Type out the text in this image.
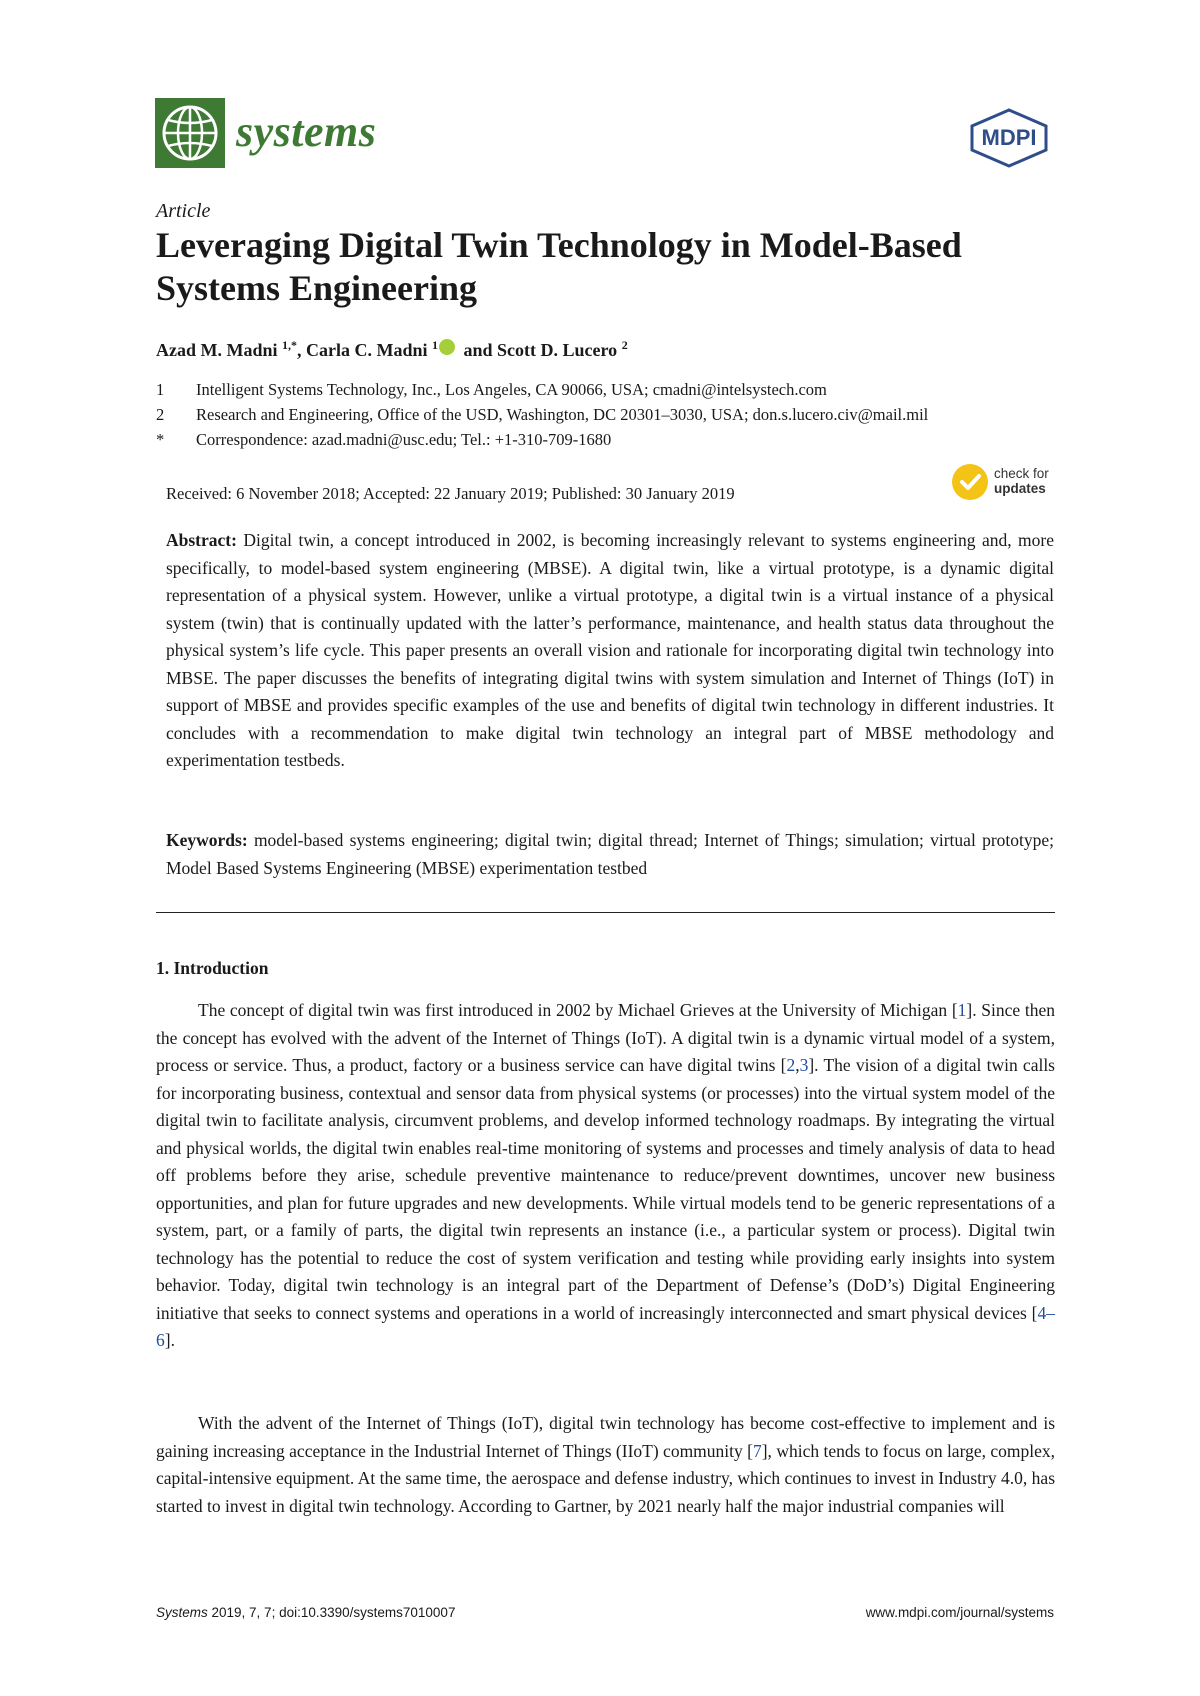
systems	MDPI
Article
Leveraging Digital Twin Technology in Model-Based Systems Engineering
Azad M. Madni $^{1,*}$, Carla C. Madni $^1$ and Scott D. Lucero $^2$
1 Intelligent Systems Technology, Inc., Los Angeles, CA 90066, USA; cmadni@intelsystech.com
2 Research and Engineering, Office of the USD, Washington, DC 20301–3030, USA; don.s.lucero.civ@mail.mil
* Correspondence: azad.madni@usc.edu; Tel.: +1-310-709-1680
Received: 6 November 2018; Accepted: 22 January 2019; Published: 30 January 2019
check for
updates

Abstract: Digital twin, a concept introduced in 2002, is becoming increasingly relevant to systems engineering and, more specifically, to model-based system engineering (MBSE). A digital twin, like a virtual prototype, is a dynamic digital representation of a physical system. However, unlike a virtual prototype, a digital twin is a virtual instance of a physical system (twin) that is continually updated with the latter’s performance, maintenance, and health status data throughout the physical system’s life cycle. This paper presents an overall vision and rationale for incorporating digital twin technology into MBSE. The paper discusses the benefits of integrating digital twins with system simulation and Internet of Things (IoT) in support of MBSE and provides specific examples of the use and benefits of digital twin technology in different industries. It concludes with a recommendation to make digital twin technology an integral part of MBSE methodology and experimentation testbeds.

Keywords: model-based systems engineering; digital twin; digital thread; Internet of Things; simulation; virtual prototype; Model Based Systems Engineering (MBSE) experimentation testbed

1. Introduction

The concept of digital twin was first introduced in 2002 by Michael Grieves at the University of Michigan [1]. Since then the concept has evolved with the advent of the Internet of Things (IoT). A digital twin is a dynamic virtual model of a system, process or service. Thus, a product, factory or a business service can have digital twins [2,3]. The vision of a digital twin calls for incorporating business, contextual and sensor data from physical systems (or processes) into the virtual system model of the digital twin to facilitate analysis, circumvent problems, and develop informed technology roadmaps. By integrating the virtual and physical worlds, the digital twin enables real-time monitoring of systems and processes and timely analysis of data to head off problems before they arise, schedule preventive maintenance to reduce/prevent downtimes, uncover new business opportunities, and plan for future upgrades and new developments. While virtual models tend to be generic representations of a system, part, or a family of parts, the digital twin represents an instance (i.e., a particular system or process). Digital twin technology has the potential to reduce the cost of system verification and testing while providing early insights into system behavior. Today, digital twin technology is an integral part of the Department of Defense’s (DoD’s) Digital Engineering initiative that seeks to connect systems and operations in a world of increasingly interconnected and smart physical devices [4–6].

With the advent of the Internet of Things (IoT), digital twin technology has become cost-effective to implement and is gaining increasing acceptance in the Industrial Internet of Things (IIoT) community [7], which tends to focus on large, complex, capital-intensive equipment. At the same time, the aerospace and defense industry, which continues to invest in Industry 4.0, has started to invest in digital twin technology. According to Gartner, by 2021 nearly half the major industrial companies will

Systems 2019, 7, 7; doi:10.3390/systems7010007	www.mdpi.com/journal/systems
